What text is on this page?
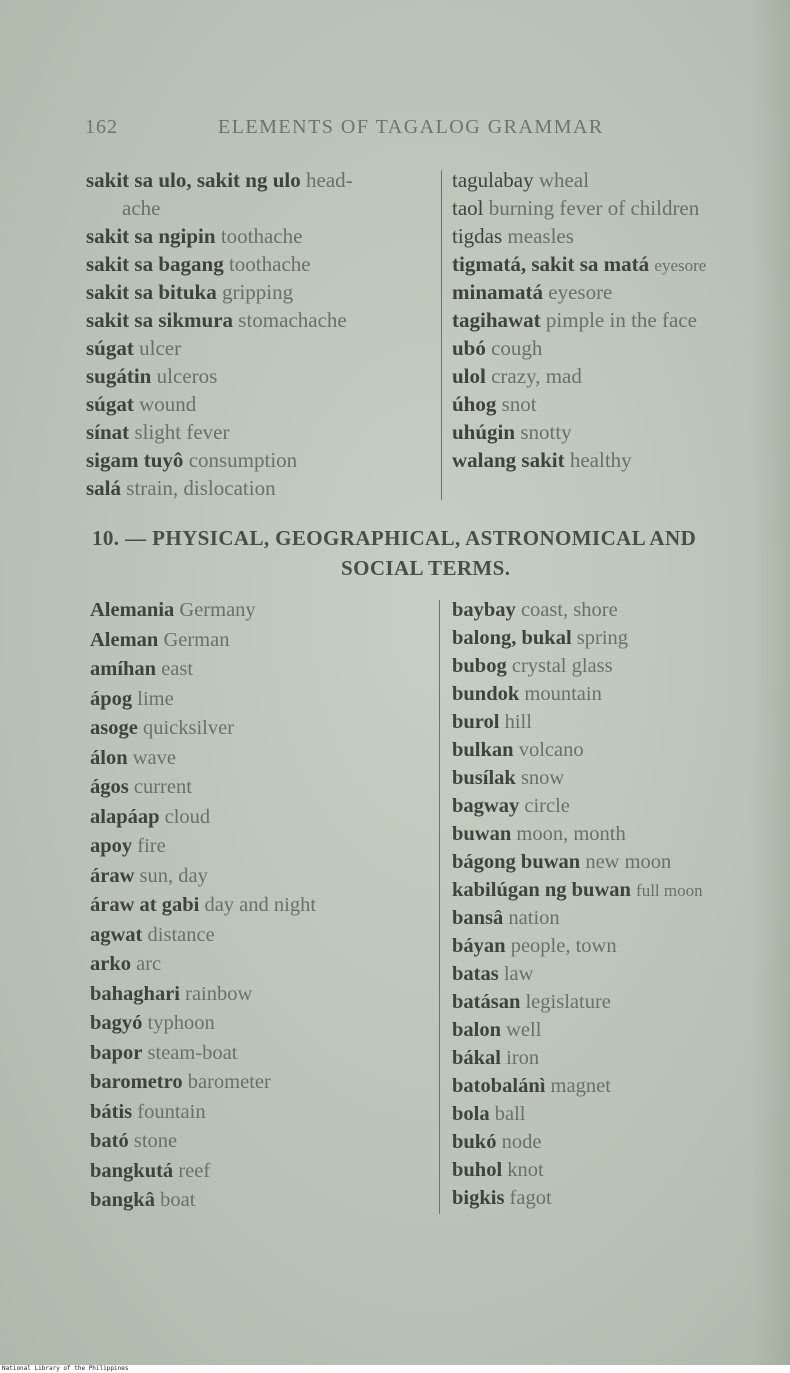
162	ELEMENTS OF TAGALOG GRAMMAR
sakit sa ulo, sakit ng ulo head-
ache
sakit sa ngipin toothache
sakit sa bagang toothache
sakit sa bituka gripping
sakit sa sikmura stomachache
súgat ulcer
sugátin ulceros
súgat wound
sínat slight fever
sigam tuyô consumption
salá strain, dislocation
tagulabay wheal
taol burning fever of children
tigdas measles
tigmatá, sakit sa matá eyesore
minamatá eyesore
tagihawat pimple in the face
ubó cough
ulol crazy, mad
úhog snot
uhúgin snotty
walang sakit healthy
10. — PHYSICAL, GEOGRAPHICAL, ASTRONOMICAL AND
SOCIAL TERMS.
Alemania Germany
Aleman German
amíhan east
ápog lime
asoge quicksilver
álon wave
ágos current
alapáap cloud
apoy fire
áraw sun, day
áraw at gabi day and night
agwat distance
arko arc
bahaghari rainbow
bagyó typhoon
bapor steam-boat
barometro barometer
bátis fountain
bató stone
bangkutá reef
bangkâ boat
baybay coast, shore
balong, bukal spring
bubog crystal glass
bundok mountain
burol hill
bulkan volcano
busílak snow
bagway circle
buwan moon, month
bágong buwan new moon
kabilúgan ng buwan full moon
bansâ nation
báyan people, town
batas law
batásan legislature
balon well
bákal iron
batobalánì magnet
bola ball
bukó node
buhol knot
bigkis fagot
National Library of the Philippines
